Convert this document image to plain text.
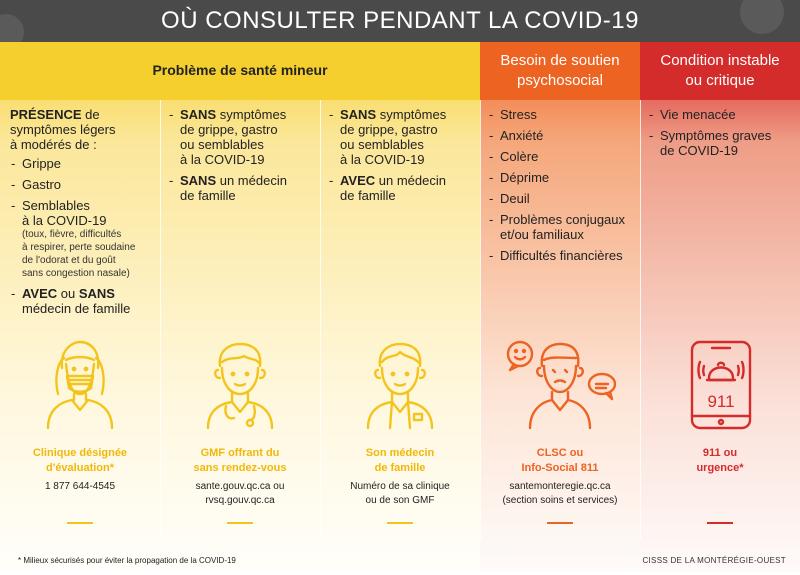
OÙ CONSULTER PENDANT LA COVID-19
Problème de santé mineur
Besoin de soutien
psychosocial
Condition instable
ou critique
PRÉSENCE de
symptômes légers
à modérés de :
- Grippe
- Gastro
- Semblables
à la COVID-19
(toux, fièvre, difficultés
à respirer, perte soudaine
de l'odorat et du goût
sans congestion nasale)
- AVEC ou SANS
médecin de famille
- SANS symptômes
de grippe, gastro
ou semblables
à la COVID-19
- SANS un médecin
de famille
- SANS symptômes
de grippe, gastro
ou semblables
à la COVID-19
- AVEC un médecin
de famille
- Stress
- Anxiété
- Colère
- Déprime
- Deuil
- Problèmes conjugaux
et/ou familiaux
- Difficultés financières
- Vie menacée
- Symptômes graves
de COVID-19
911
Clinique désignée
d'évaluation*
1 877 644-4545
GMF offrant du
sans rendez-vous
sante.gouv.qc.ca ou
rvsq.gouv.qc.ca
Son médecin
de famille
Numéro de sa clinique
ou de son GMF
CLSC ou
Info-Social 811
santemonteregie.qc.ca
(section soins et services)
911 ou
urgence*
* Milieux sécurisés pour éviter la propagation de la COVID-19	CISSS DE LA MONTÉRÉGIE-OUEST
